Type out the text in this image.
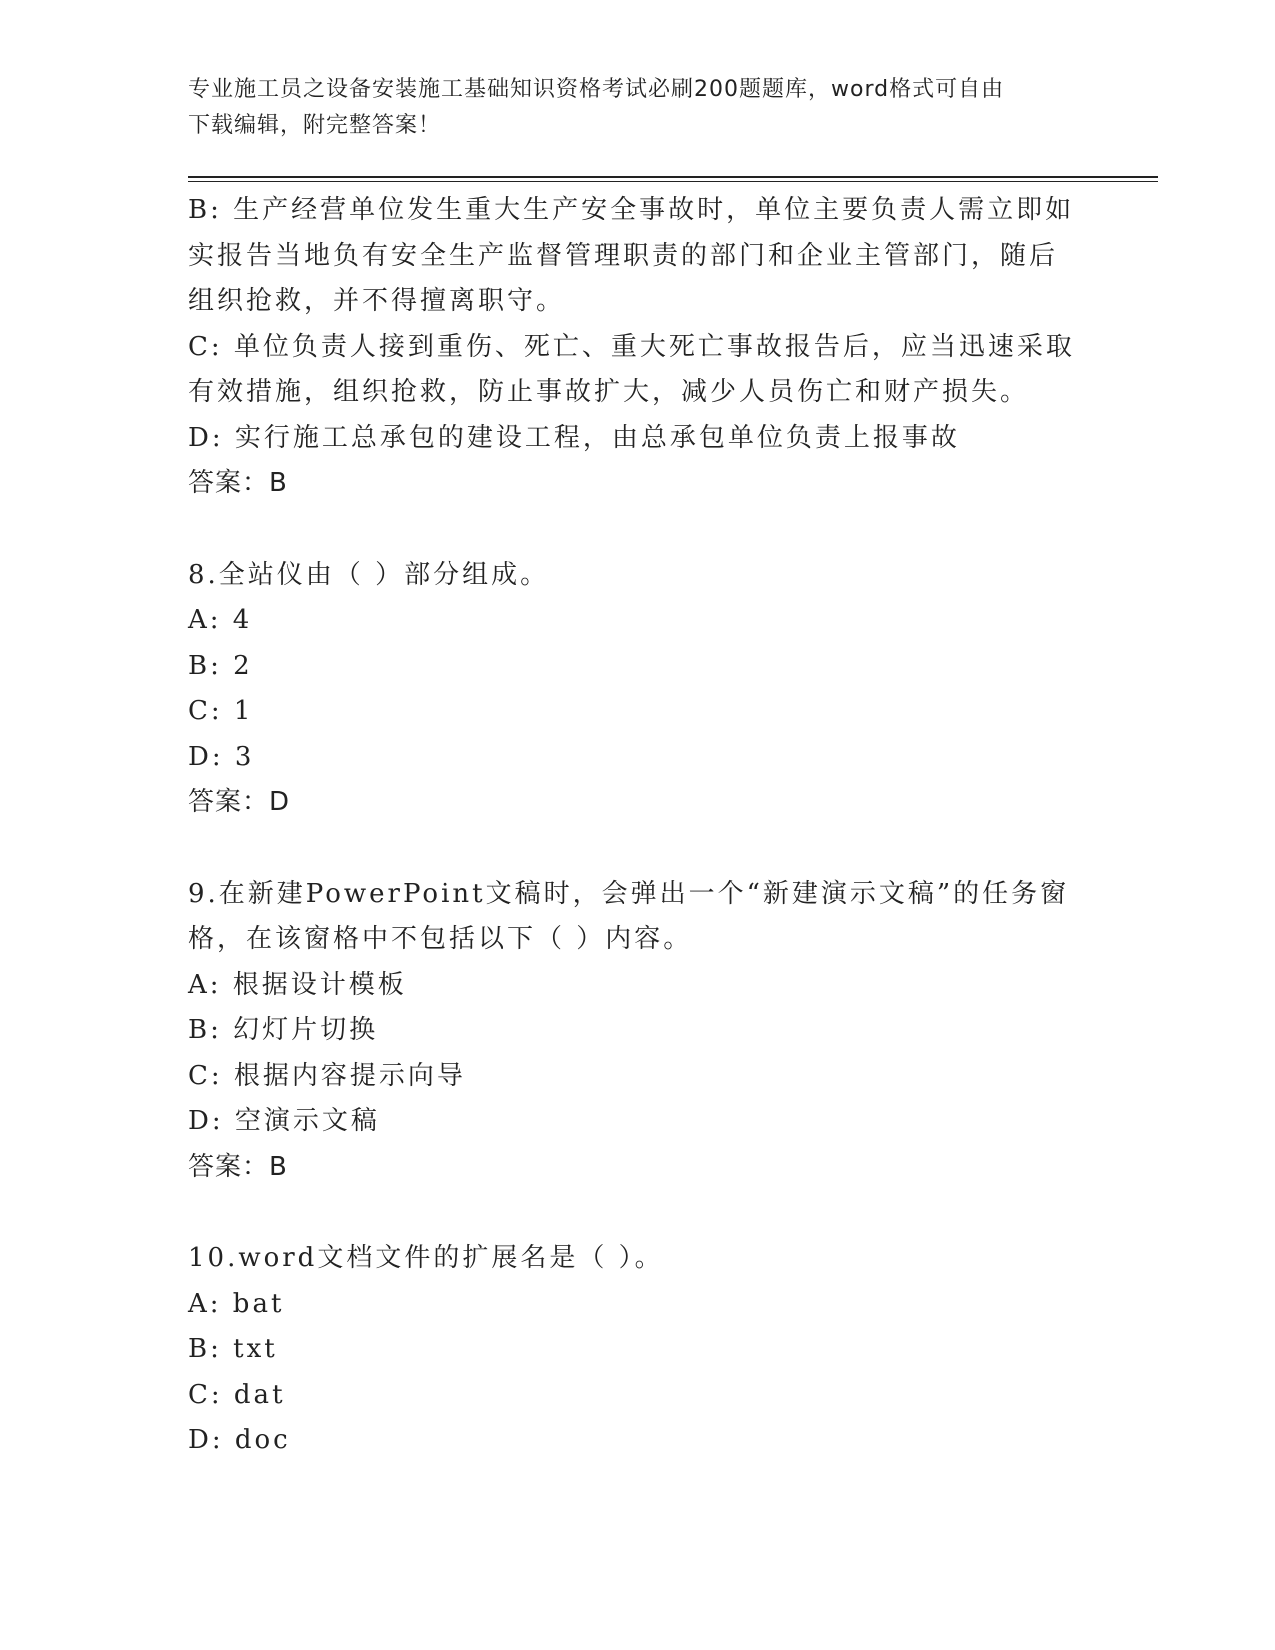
专业施工员之设备安装施工基础知识资格考试必刷200题题库，word格式可自由
下载编辑，附完整答案！
B: 生产经营单位发生重大生产安全事故时，单位主要负责人需立即如
实报告当地负有安全生产监督管理职责的部门和企业主管部门，随后
组织抢救，并不得擅离职守。
C: 单位负责人接到重伤、死亡、重大死亡事故报告后，应当迅速采取
有效措施，组织抢救，防止事故扩大，减少人员伤亡和财产损失。
D: 实行施工总承包的建设工程，由总承包单位负责上报事故
答案：B
8.全站仪由（ ）部分组成。
A: 4
B: 2
C: 1
D: 3
答案：D
9.在新建PowerPoint文稿时，会弹出一个“新建演示文稿”的任务窗
格，在该窗格中不包括以下（ ）内容。
A: 根据设计模板
B: 幻灯片切换
C: 根据内容提示向导
D: 空演示文稿
答案：B
10.word文档文件的扩展名是（ ）。
A: bat
B: txt
C: dat
D: doc
